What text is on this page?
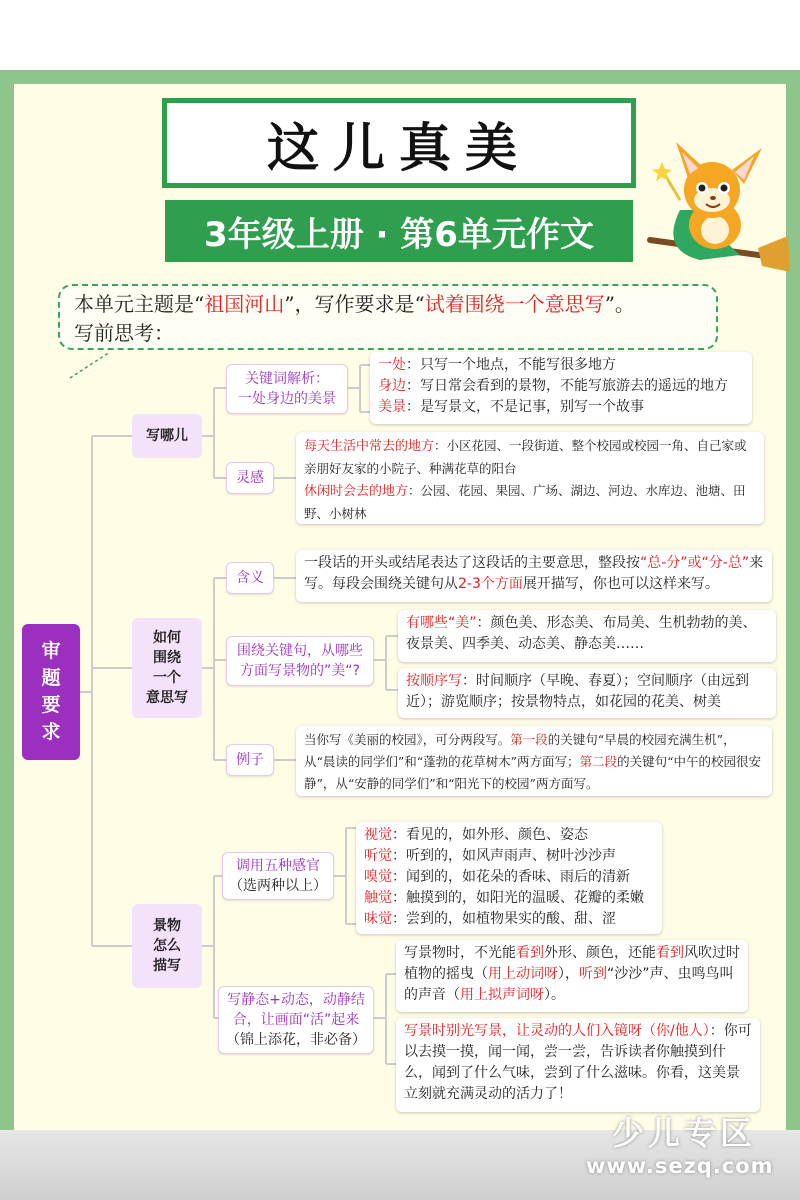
这儿真美
3年级上册 · 第6单元作文
本单元主题是“祖国河山”，写作要求是“试着围绕一个意思写”。
写前思考：
审
题
要
求
写哪儿
关键词解析：
一处身边的美景
一处：只写一个地点，不能写很多地方
身边：写日常会看到的景物，不能写旅游去的遥远的地方
美景：是写景文，不是记事，别写一个故事
灵感
每天生活中常去的地方：小区花园、一段街道、整个校园或校园一角、自己家或亲朋好友家的小院子、种满花草的阳台
休闲时会去的地方：公园、花园、果园、广场、湖边、河边、水库边、池塘、田野、小树林
如何
围绕
一个
意思写
含义
一段话的开头或结尾表达了这段话的主要意思，整段按“总-分”或“分-总”来写。每段会围绕关键句从2-3个方面展开描写，你也可以这样来写。
围绕关键句，从哪些
方面写景物的”美“?
有哪些“美”：颜色美、形态美、布局美、生机勃勃的美、夜景美、四季美、动态美、静态美……
按顺序写：时间顺序（早晚、春夏）；空间顺序（由远到近）；游览顺序；按景物特点，如花园的花美、树美
例子
当你写《美丽的校园》，可分两段写。第一段的关键句“早晨的校园充满生机”，从“晨读的同学们”和“蓬勃的花草树木”两方面写；第二段的关键句“中午的校园很安静”，从“安静的同学们”和“阳光下的校园”两方面写。
景物
怎么
描写
调用五种感官
（选两种以上）
视觉：看见的，如外形、颜色、姿态
听觉：听到的，如风声雨声、树叶沙沙声
嗅觉：闻到的，如花朵的香味、雨后的清新
触觉：触摸到的，如阳光的温暖、花瓣的柔嫩
味觉：尝到的，如植物果实的酸、甜、涩
写静态+动态，动静结
合，让画面“活”起来
（锦上添花，非必备）
写景物时，不光能看到外形、颜色，还能看到风吹过时植物的摇曳（用上动词呀），听到“沙沙”声、虫鸣鸟叫的声音（用上拟声词呀）。
写景时别光写景，让灵动的人们入镜呀（你/他人）：你可以去摸一摸，闻一闻，尝一尝，告诉读者你触摸到什么，闻到了什么气味，尝到了什么滋味。你看，这美景立刻就充满灵动的活力了！
少儿专区
www.sezq.com
